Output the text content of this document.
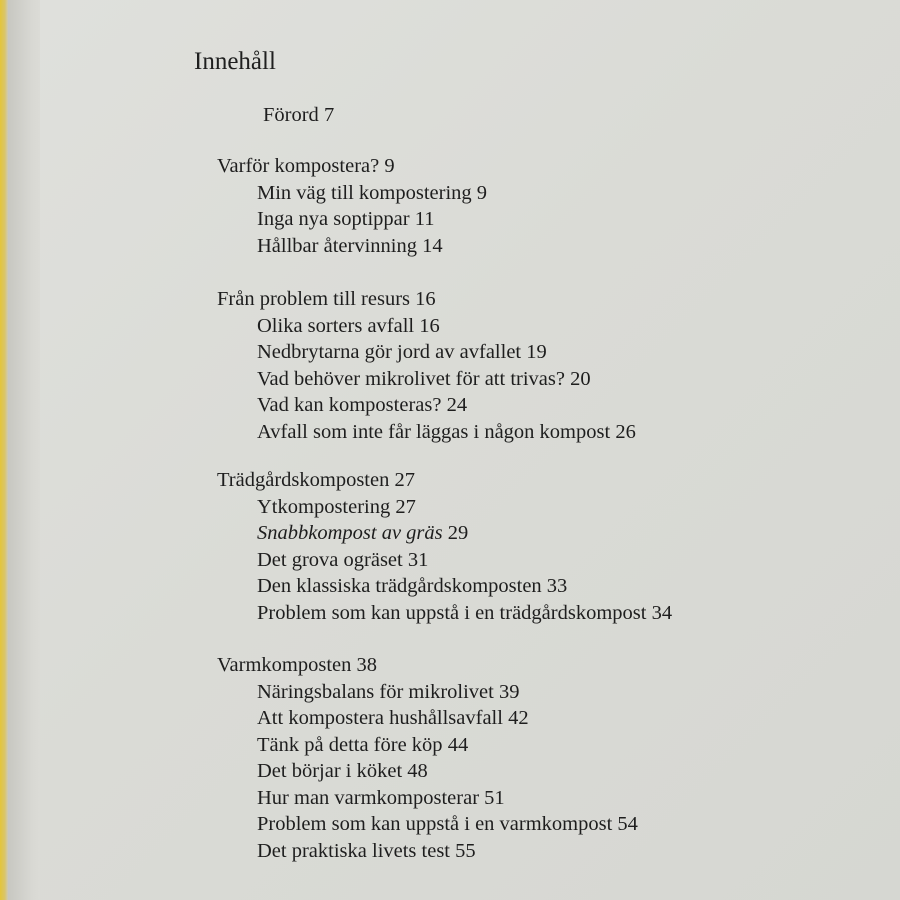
Innehåll
Förord 7
Varför kompostera? 9
Min väg till kompostering 9
Inga nya soptippar 11
Hållbar återvinning 14
Från problem till resurs 16
Olika sorters avfall 16
Nedbrytarna gör jord av avfallet 19
Vad behöver mikrolivet för att trivas? 20
Vad kan komposteras? 24
Avfall som inte får läggas i någon kompost 26
Trädgårdskomposten 27
Ytkompostering 27
Snabbkompost av gräs 29
Det grova ogräset 31
Den klassiska trädgårdskomposten 33
Problem som kan uppstå i en trädgårdskompost 34
Varmkomposten 38
Näringsbalans för mikrolivet 39
Att kompostera hushållsavfall 42
Tänk på detta före köp 44
Det börjar i köket 48
Hur man varmkomposterar 51
Problem som kan uppstå i en varmkompost 54
Det praktiska livets test 55
